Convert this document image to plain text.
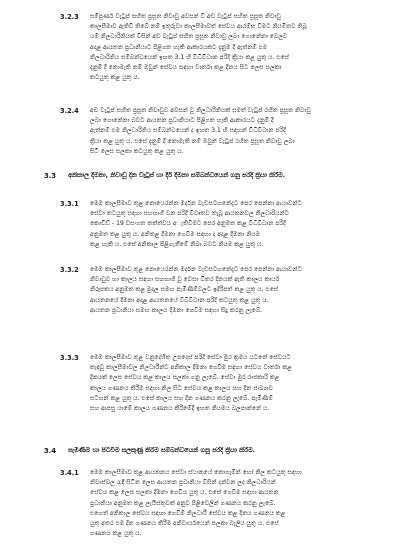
3.2.3 සම්පූර්ණ වැටුප් සහිත ප්‍රසූත නිවාඩු අවසන් වී අඩ වැටුප් සහිත ප්‍රසූත නිවාඩු
කාලසීමාව ඇතිවී තිබේ නම් ඉතුරුවා කාලසීමාවත් සේවය ආරම්භ වීමට නියමිතව තිබූ
යම් නිලධාරිනියක් විසින් අඩ වැටුප් සහිත ප්‍රසූත නිවාඩු ලබා ගොනේනා වෙලව
අදාළ ආයතන ප්‍රධානියාට පිළිගත හැකි ආකාරයකට දැනුම දී ඇත්නම් එම
නිලධාරිනිය සම්බන්ධයෙන් ඉහත 3.1 හි විධිවිධාන පරිදි ක්‍රියා කළ යුතු ය. එසේ
දැනුම් දී නොමැති නම් ඔවුන් සේවය සඳහා වාර්තා කළ දිනය සිට ලෙස සලකා
කටයුතු කළ යුතු ය.
3.2.4 අඩ වැටුප් සහිත ප්‍රසූත නිවාඩුව අවසන් වූ නිලධාරිනියක් සමත් වැටුප් රහිත ප්‍රසූත නිවාඩු
ලබා ගොනේනා බවට ආයතන ප්‍රධානියාට පිළිගත හැකි ආකාරයට දැනුම් දී
ඇත්නම් එම නිලධාරිනිය සම්බන්ධයෙන් ද ඉහත 3.1 හි සඳහන් විධිවිධාන පරිදි
ක්‍රියා කළ යුතු ය. එසේ දැනුම් දී නොමැති නම් ඔවුන් වැටුප් රහිත ප්‍රසූත නිවාඩු ලබා
සිටී ලෙස සලකා කටයුතු කළ යුතු ය.
3.3 අනිකාල දීමනා, නිවාඩු දින වැටුප් හා දීර් දීමනා සම්බන්ධයෙන් ගනු පරිදි ක්‍රියා කිරීම.
3.3.1 මෙම කාලසීමාව තුළ නොයෙරන්න මර්දන වැඩසටහනේදැට පෙර පෙන්නා ආයාවන්ට
සේවා කටයුතු සඳහා සහභාගි වන පරිදි විවෘතව තැබූ ආයතනවල නිලධාරියන්ට
කොවිඩ් - 19 වසංගත තත්ත්වය අැතිවීමට පෙර අනුමත කළ විධිවිධාන පරිදි
අනුමත කළ යුතු ය. අනිතළ දීමනා ගෙවීම සඳහා ද අදාළ දීමනා නියම
කළ හැකි ය. එසේ අනිකාල පිළිගැනීමේ නිබා බවට නියම කළ යුතු ය.
3.3.2 මෙම කාලසීමාව තුළ නොයෙරන්න මර්දන වැඩසටහනේදැට පෙර පෙන්නා ආයාවන්ට
නිවාඩුව හා කාලය සඳහා සහභාගි වූ වෙසා විතර දිනයක් ඇති කාලය කාර්ය
නිරූපකය අනුමත කළ මුදල සමඟ පැමිණීම්වලට ඉදිරිපත් කළ යුතු ය. එසේ
ආයතනයේ දීමනා අදාළ ආයතනයේ විධිවිධාන පරිදි කටයුතු කළ යුතු ය.
ආයතන ප්‍රධානියා සමඟ කාලය දීමනා ගෙවීම සඳහා සිදු කරනු ලැබේ.
3.3.3 මෙම කාලසීමාව තුළ වනුදේශිත උපදෙස් පරිදි සේවා මුර ක්‍රමය යටතේ සේවයට
කැඳවූ කාලසීමාවල නිලධාරීන්ට අනිකාල දීමනා ගෙවීම සඳහා සේවය වාර්තා කළ
දිනයක් ලෙස සේවය කළ කාලය සලකා ගනු ලැබේ. සේවා මුර රාජකාරි කළ
කාලය ගණනය කිරීම සඳහා නිල සිට සේවය කළ කාලය සහ දින සංඛ්‍යාව
සටහන් කළ යුතු ය. එසේ කාලය සහ දින ගණනය කරනු ලැබේ. පැමිණීම්
සහ ආපසු යාමේ කාලය ගණනය කිරීමේදී ඉහත නියමය බලපාන්නේ ය.
3.4 පැමිණීම හා පිටවීම සලකුණු කිරීම සම්බන්ධයෙන් ගනු පරිදි ක්‍රියා කිරීම.
3.4.1 මෙම කාලසීමාව තුළ ආයතනය සේවා ස්ථානයේ නොගැමින් හෝ නිල කටයුතු සඳහා
නිවාස්වල රැඳී සිටින ලෙස ආයතන ප්‍රධානියා විසින් දන්වන ලද නිලධාරියන්
සේවය කළ ලෙස සලකා දීමනා ගෙවිය යුතු ය. එසේ ගෙවීම සඳහා ආයතන
ප්‍රධානියා අනුමත කළ ලැයිස්තුවක් අනුව පිළිවෙලින් ගණනය කරනු ලැබේ.
එහෙත් අනිකාල සේවය සඳහා ගෙවීම් නිලධාරී සේවය කළ දිනය ගණනය කළ
යුතු අතර එම දින ගණනය කිරීම අනිවාර්යයෙන් සලකා බැලිය යුතු ය. එසේ
ගණනය කළ යුතු ය.
